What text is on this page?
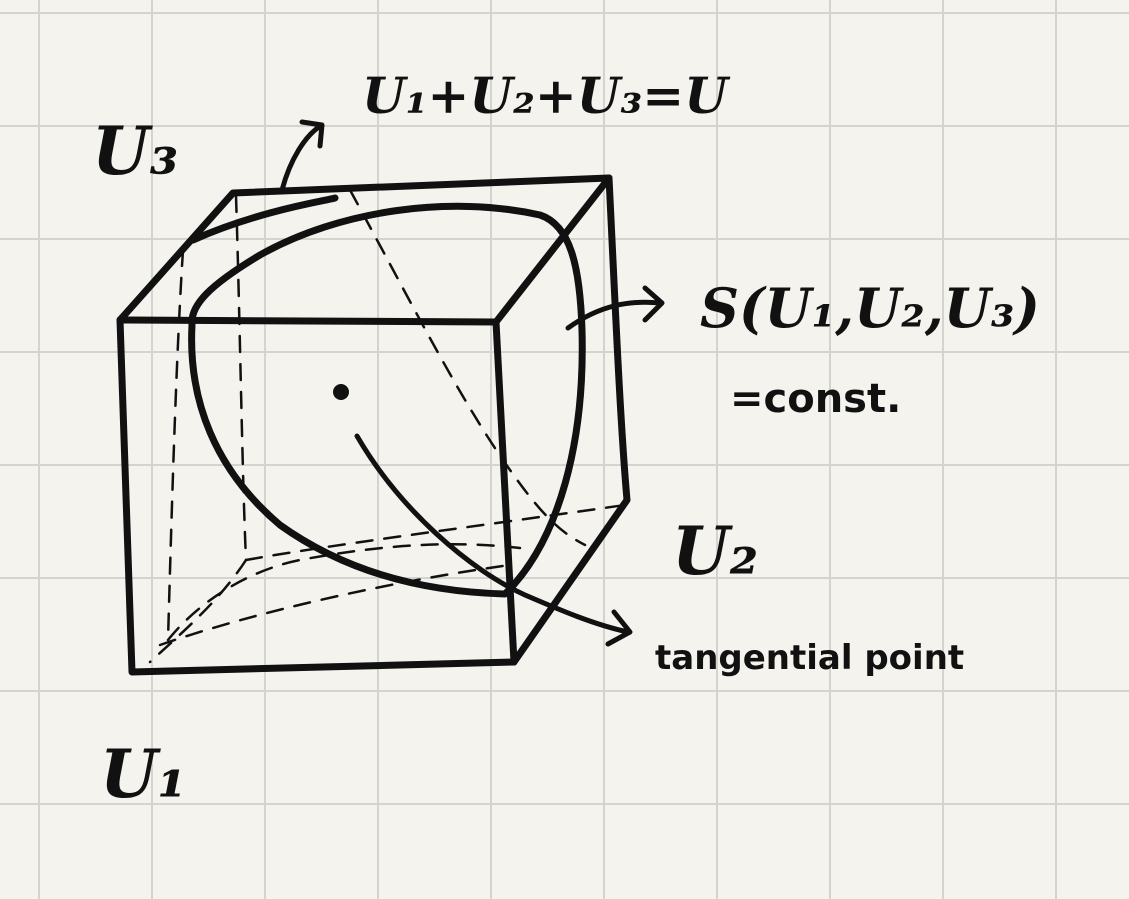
U₃

U₁+U₂+U₃=U

S(U₁,U₂,U₃)

=const.

U₂

tangential point

U₁
